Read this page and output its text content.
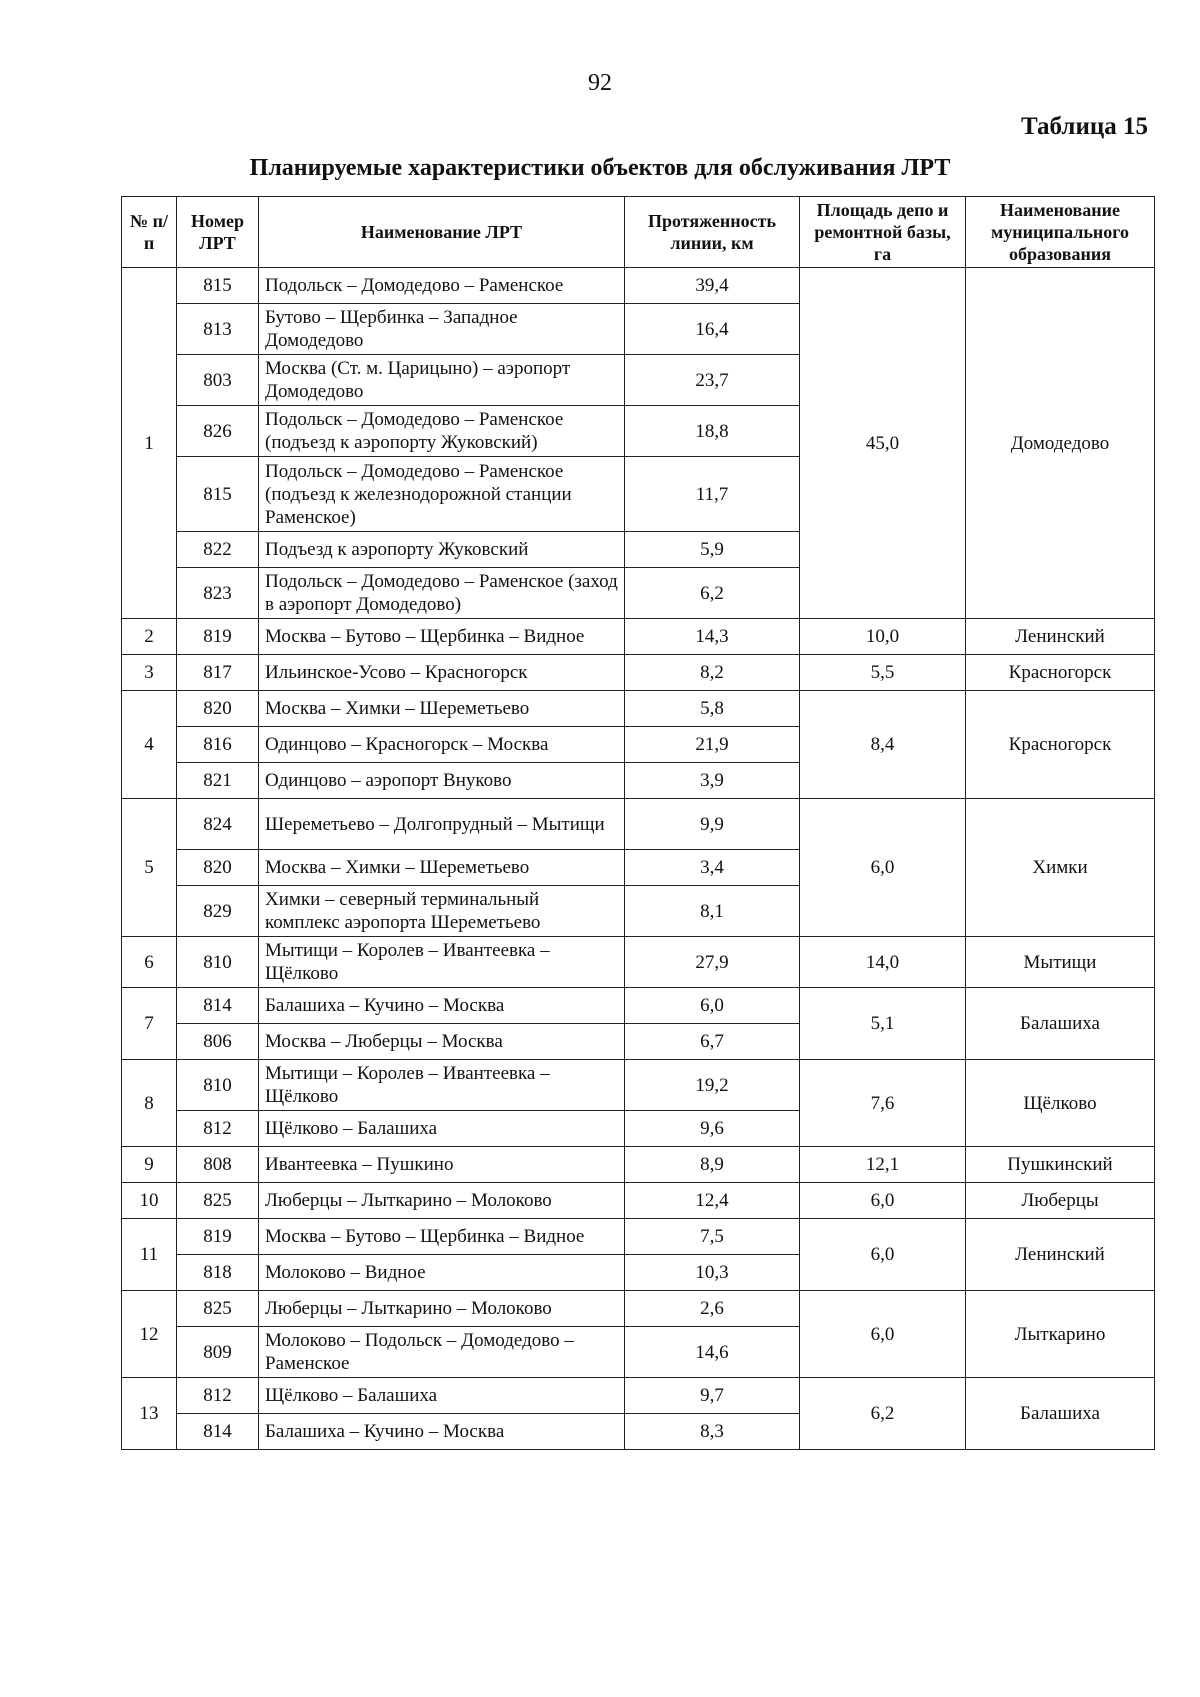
92
Таблица 15
Планируемые характеристики объектов для обслуживания ЛРТ
№ п/п	Номер ЛРТ	Наименование ЛРТ	Протяженность линии, км	Площадь депо и ремонтной базы, га	Наименование муниципального образования
1	815	Подольск – Домодедово – Раменское	39,4	45,0	Домодедово
	813	Бутово – Щербинка – Западное Домодедово	16,4		
	803	Москва (Ст. м. Царицыно) – аэропорт Домодедово	23,7		
	826	Подольск – Домодедово – Раменское (подъезд к аэропорту Жуковский)	18,8		
	815	Подольск – Домодедово – Раменское (подъезд к железнодорожной станции Раменское)	11,7		
	822	Подъезд к аэропорту Жуковский	5,9		
	823	Подольск – Домодедово – Раменское (заход в аэропорт Домодедово)	6,2		
2	819	Москва – Бутово – Щербинка – Видное	14,3	10,0	Ленинский
3	817	Ильинское-Усово – Красногорск	8,2	5,5	Красногорск
4	820	Москва – Химки – Шереметьево	5,8	8,4	Красногорск
	816	Одинцово – Красногорск – Москва	21,9		
	821	Одинцово – аэропорт Внуково	3,9		
5	824	Шереметьево – Долгопрудный – Мытищи	9,9	6,0	Химки
	820	Москва – Химки – Шереметьево	3,4		
	829	Химки – северный терминальный комплекс аэропорта Шереметьево	8,1		
6	810	Мытищи – Королев – Ивантеевка – Щёлково	27,9	14,0	Мытищи
7	814	Балашиха – Кучино – Москва	6,0	5,1	Балашиха
	806	Москва – Люберцы – Москва	6,7		
8	810	Мытищи – Королев – Ивантеевка – Щёлково	19,2	7,6	Щёлково
	812	Щёлково – Балашиха	9,6		
9	808	Ивантеевка – Пушкино	8,9	12,1	Пушкинский
10	825	Люберцы – Лыткарино – Молоково	12,4	6,0	Люберцы
11	819	Москва – Бутово – Щербинка – Видное	7,5	6,0	Ленинский
	818	Молоково – Видное	10,3		
12	825	Люберцы – Лыткарино – Молоково	2,6	6,0	Лыткарино
	809	Молоково – Подольск – Домодедово – Раменское	14,6		
13	812	Щёлково – Балашиха	9,7	6,2	Балашиха
	814	Балашиха – Кучино – Москва	8,3		
